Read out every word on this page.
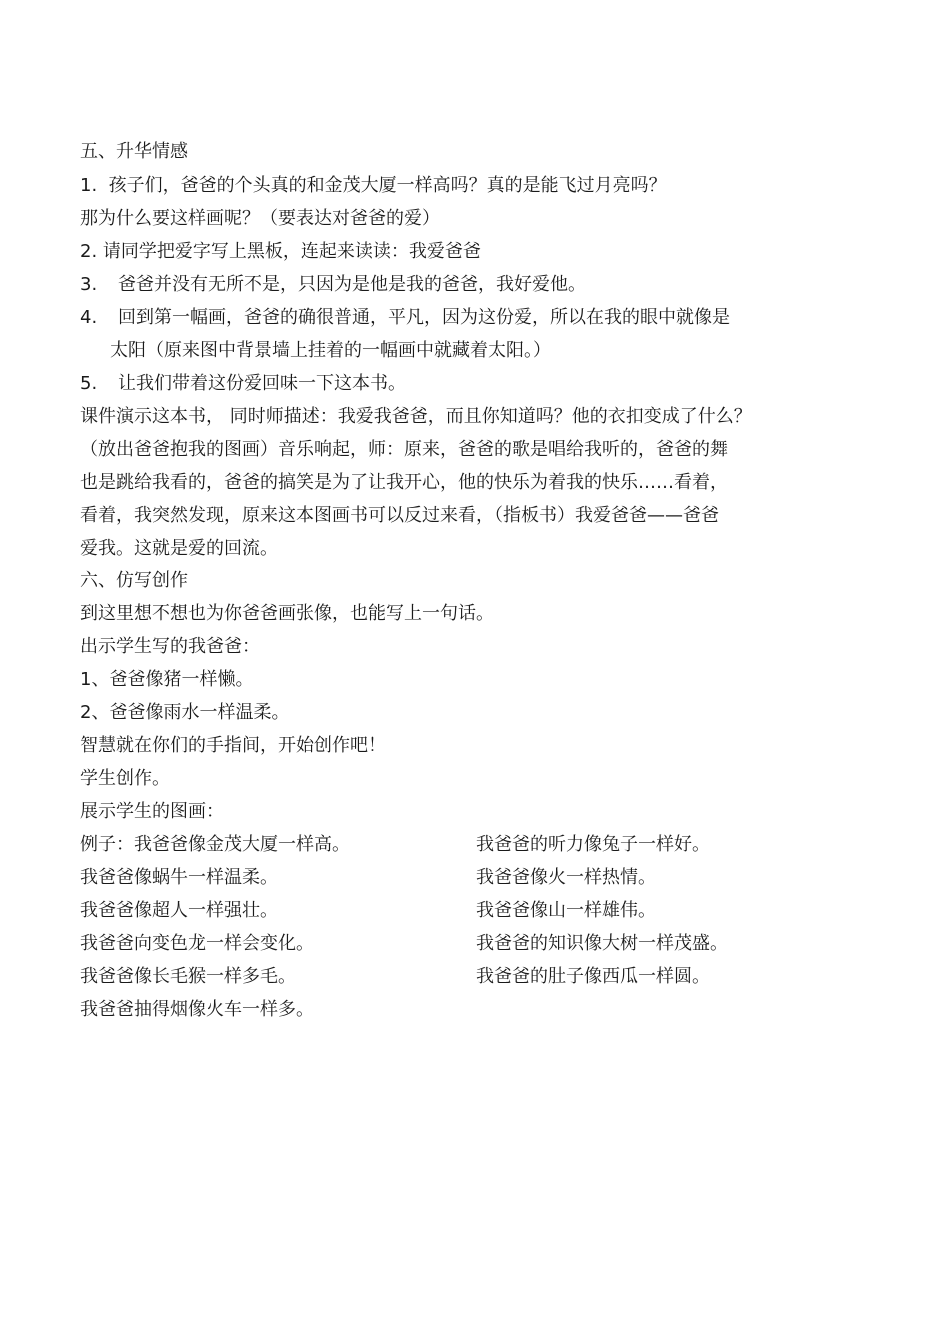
五、升华情感
1. 孩子们，爸爸的个头真的和金茂大厦一样高吗？真的是能飞过月亮吗？
那为什么要这样画呢？（要表达对爸爸的爱）
2. 请同学把爱字写上黑板，连起来读读：我爱爸爸
3. 爸爸并没有无所不是，只因为是他是我的爸爸，我好爱他。
4. 回到第一幅画，爸爸的确很普通，平凡，因为这份爱，所以在我的眼中就像是
太阳（原来图中背景墙上挂着的一幅画中就藏着太阳。）
5. 让我们带着这份爱回味一下这本书。
课件演示这本书， 同时师描述：我爱我爸爸，而且你知道吗？他的衣扣变成了什么？
（放出爸爸抱我的图画）音乐响起，师：原来，爸爸的歌是唱给我听的，爸爸的舞
也是跳给我看的，爸爸的搞笑是为了让我开心，他的快乐为着我的快乐……看着，
看着，我突然发现，原来这本图画书可以反过来看，（指板书）我爱爸爸——爸爸
爱我。这就是爱的回流。
六、仿写创作
到这里想不想也为你爸爸画张像，也能写上一句话。
出示学生写的我爸爸：
1、爸爸像猪一样懒。
2、爸爸像雨水一样温柔。
智慧就在你们的手指间，开始创作吧！
学生创作。
展示学生的图画：
例子：我爸爸像金茂大厦一样高。
我爸爸像蜗牛一样温柔。
我爸爸像超人一样强壮。
我爸爸向变色龙一样会变化。
我爸爸像长毛猴一样多毛。
我爸爸抽得烟像火车一样多。
我爸爸的听力像兔子一样好。
我爸爸像火一样热情。
我爸爸像山一样雄伟。
我爸爸的知识像大树一样茂盛。
我爸爸的肚子像西瓜一样圆。
